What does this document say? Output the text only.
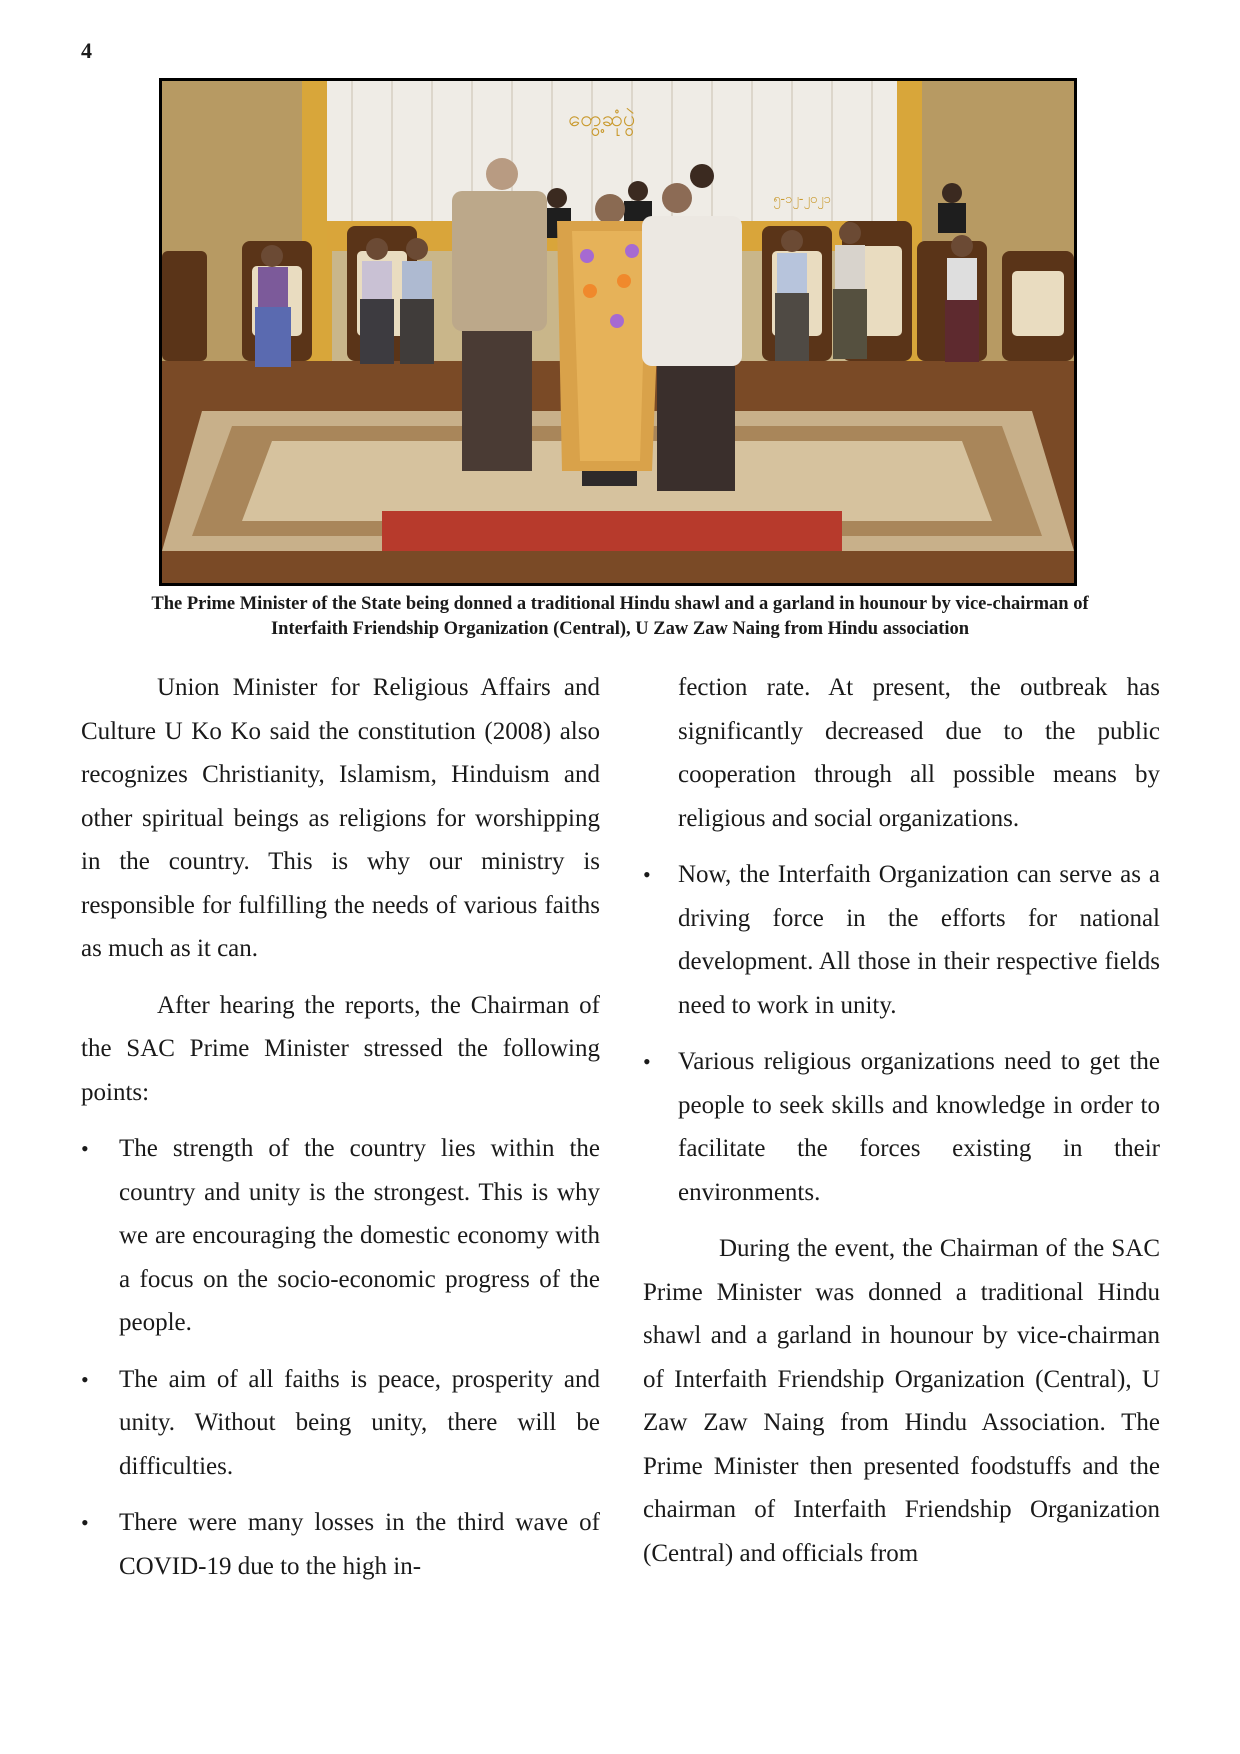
4
တွေ့ဆုံပွဲ
၅-၁၂-၂၀၂၁
The Prime Minister of the State being donned a traditional Hindu shawl and a garland in hounour by vice-chairman of
Interfaith Friendship Organization (Central), U Zaw Zaw Naing from Hindu association

Union Minister for Religious Affairs and Culture U Ko Ko said the constitution (2008) also recognizes Christianity, Islamism, Hinduism and other spiritual beings as religions for worshipping in the country. This is why our ministry is responsible for fulfilling the needs of various faiths as much as it can.

After hearing the reports, the Chairman of the SAC Prime Minister stressed the following points:

•	The strength of the country lies within the country and unity is the strongest. This is why we are encouraging the domestic economy with a focus on the socio-economic progress of the people.
•	The aim of all faiths is peace, prosperity and unity. Without being unity, there will be difficulties.
•	There were many losses in the third wave of COVID-19 due to the high in-

fection rate. At present, the outbreak has significantly decreased due to the public cooperation through all possible means by religious and social organizations.

•	Now, the Interfaith Organization can serve as a driving force in the efforts for national development. All those in their respective fields need to work in unity.
•	Various religious organizations need to get the people to seek skills and knowledge in order to facilitate the forces existing in their environments.

During the event, the Chairman of the SAC Prime Minister was donned a traditional Hindu shawl and a garland in hounour by vice-chairman of Interfaith Friendship Organization (Central), U Zaw Zaw Naing from Hindu Association. The Prime Minister then presented foodstuffs and the chairman of Interfaith Friendship Organization (Central) and officials from
